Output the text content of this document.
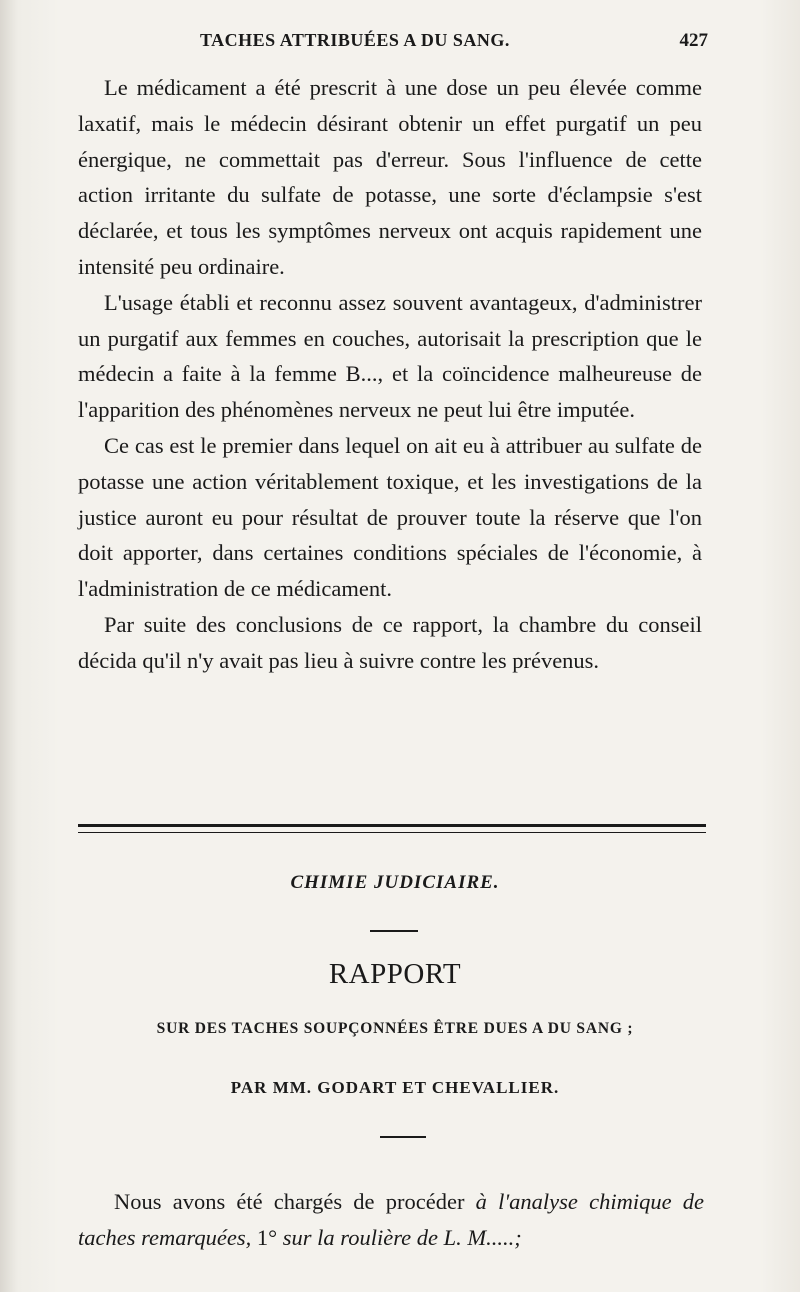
TACHES ATTRIBUÉES A DU SANG.	427

Le médicament a été prescrit à une dose un peu élevée comme laxatif, mais le médecin désirant obtenir un effet purgatif un peu énergique, ne commettait pas d'erreur. Sous l'influence de cette action irritante du sulfate de potasse, une sorte d'éclampsie s'est déclarée, et tous les symptômes nerveux ont acquis rapidement une intensité peu ordinaire.

L'usage établi et reconnu assez souvent avantageux, d'administrer un purgatif aux femmes en couches, autorisait la prescription que le médecin a faite à la femme B..., et la coïncidence malheureuse de l'apparition des phénomènes nerveux ne peut lui être imputée.

Ce cas est le premier dans lequel on ait eu à attribuer au sulfate de potasse une action véritablement toxique, et les investigations de la justice auront eu pour résultat de prouver toute la réserve que l'on doit apporter, dans certaines conditions spéciales de l'économie, à l'administration de ce médicament.

Par suite des conclusions de ce rapport, la chambre du conseil décida qu'il n'y avait pas lieu à suivre contre les prévenus.

CHIMIE JUDICIAIRE.
RAPPORT
SUR DES TACHES SOUPÇONNÉES ÊTRE DUES A DU SANG ;
PAR MM. GODART ET CHEVALLIER.

Nous avons été chargés de procéder à l'analyse chimique de taches remarquées, 1° sur la roulière de L. M.....;
